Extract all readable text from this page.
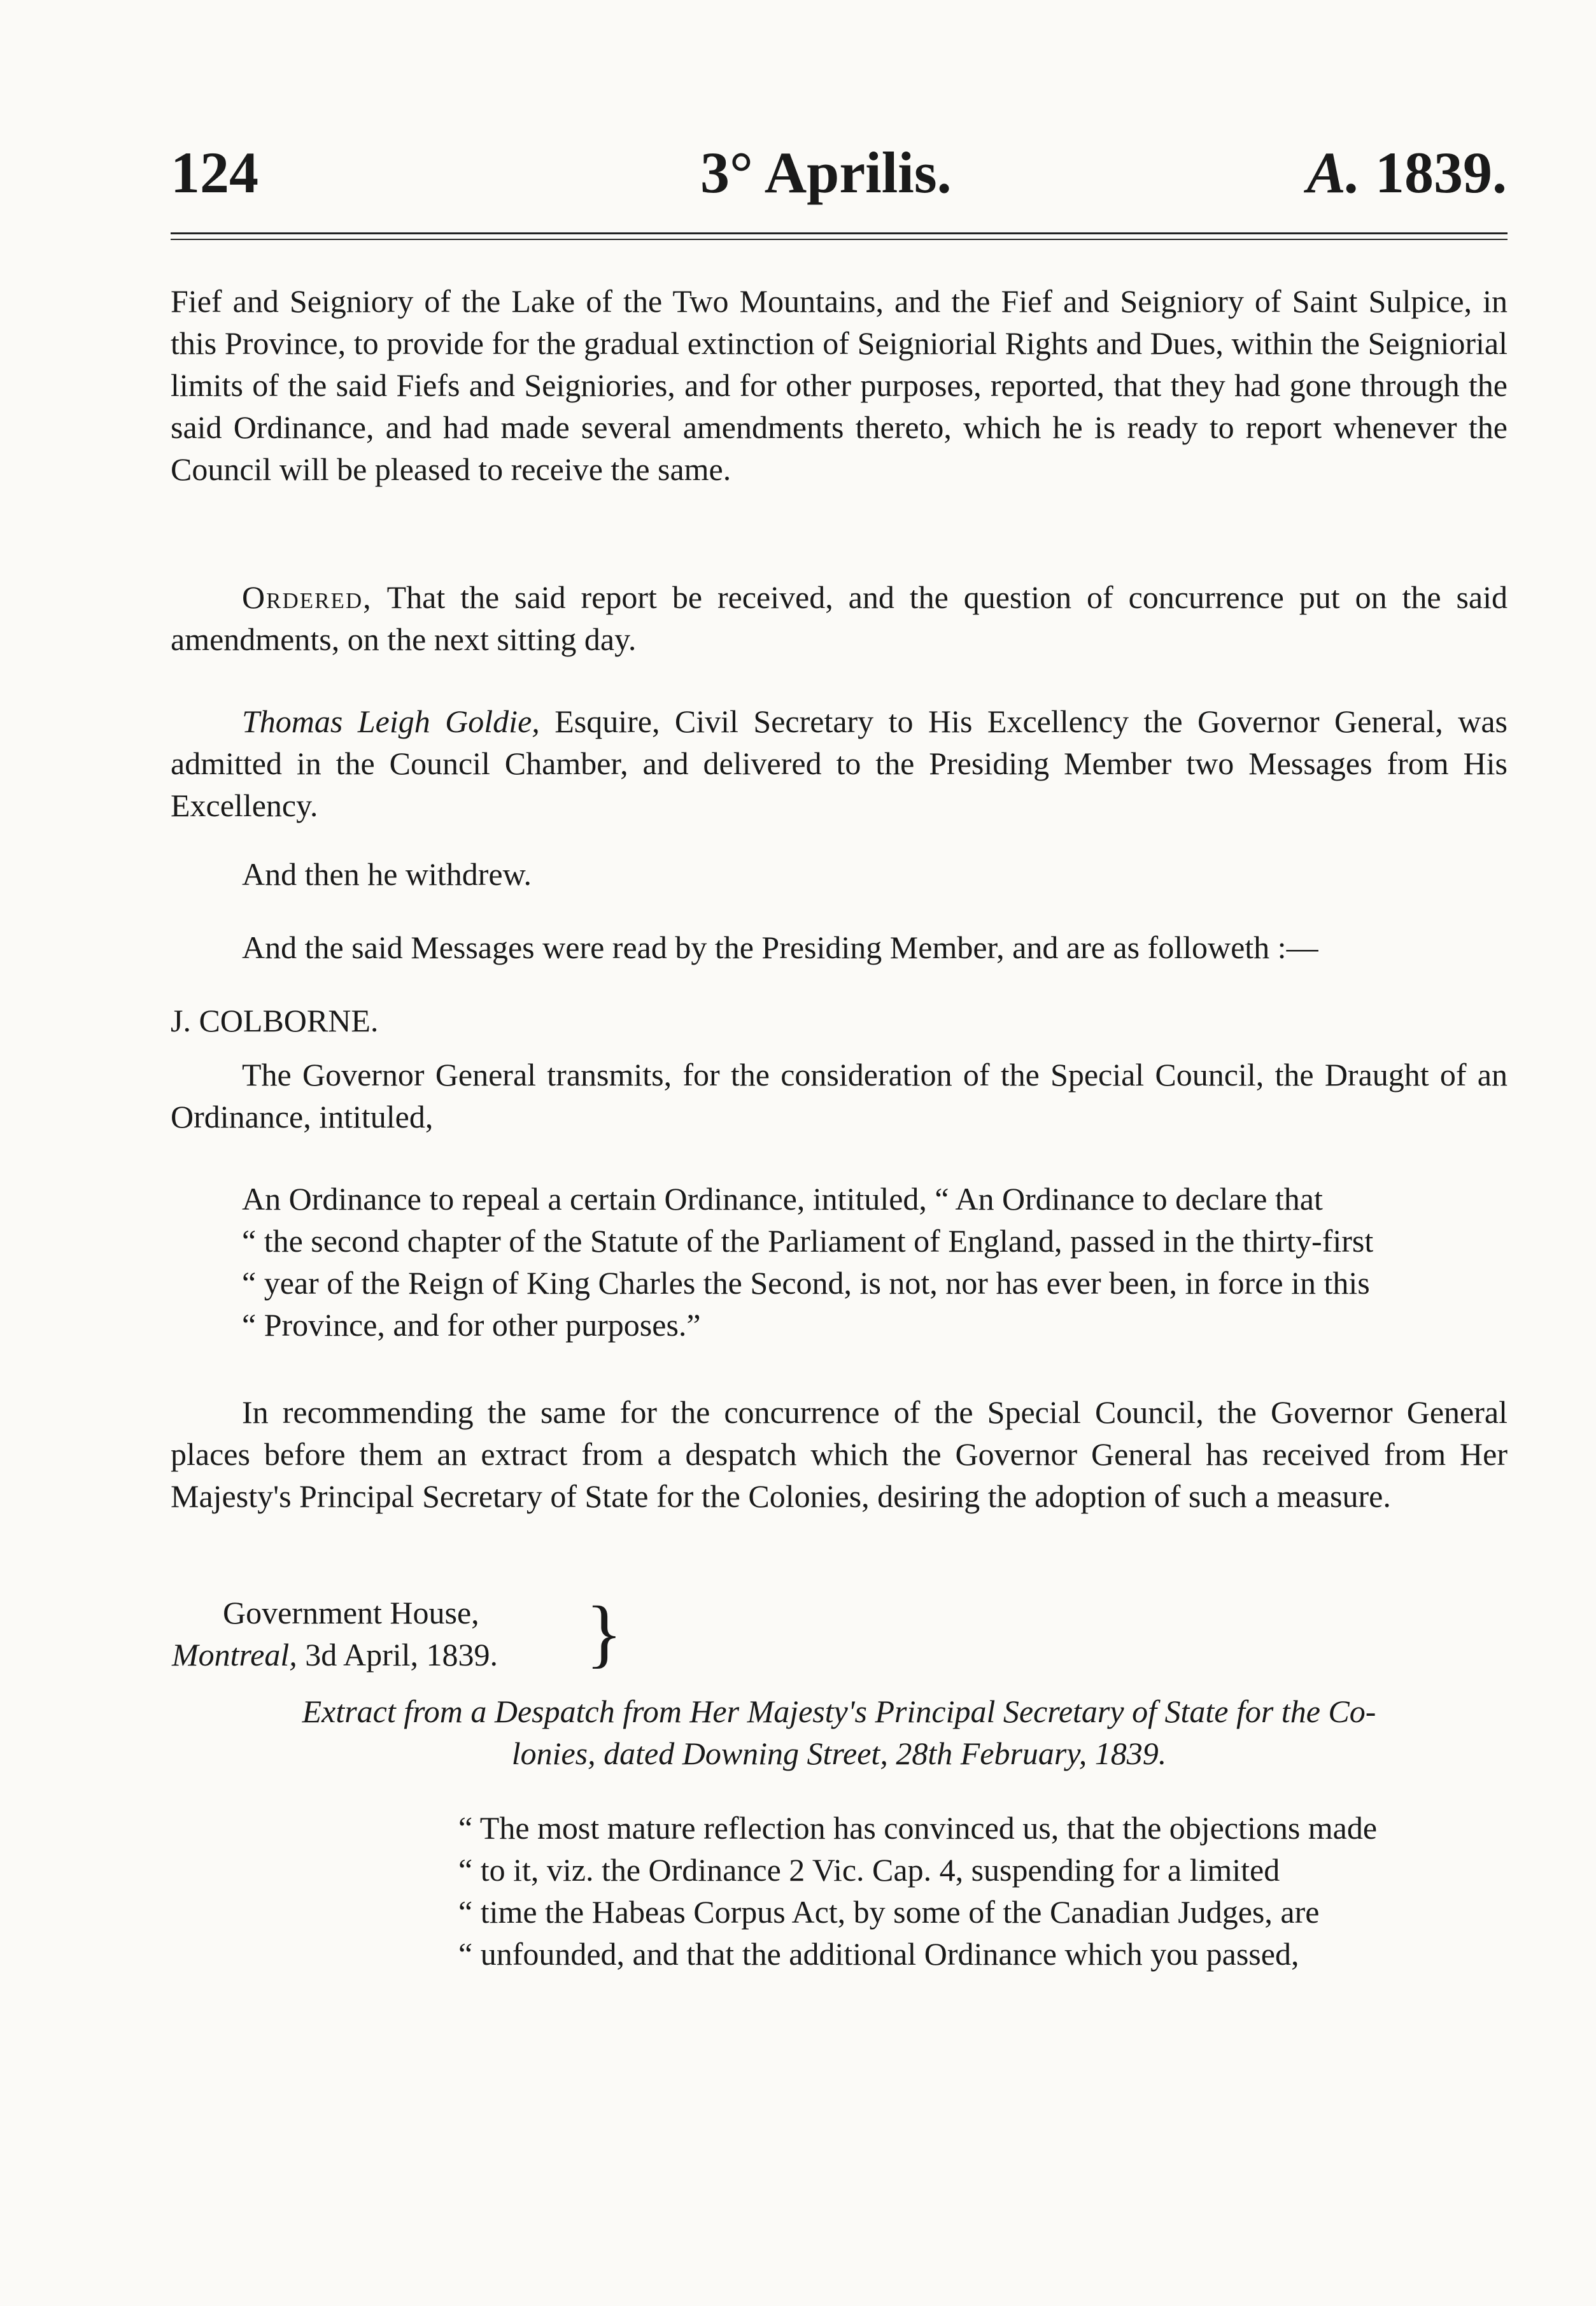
124	3° Aprilis.	A. 1839.

Fief and Seigniory of the Lake of the Two Mountains, and the Fief and Seigniory of Saint Sulpice, in this Province, to provide for the gradual extinction of Seigniorial Rights and Dues, within the Seigniorial limits of the said Fiefs and Seigniories, and for other purposes, reported, that they had gone through the said Ordinance, and had made several amendments thereto, which he is ready to report whenever the Council will be pleased to receive the same.

Ordered, That the said report be received, and the question of concurrence put on the said amendments, on the next sitting day.

Thomas Leigh Goldie, Esquire, Civil Secretary to His Excellency the Governor General, was admitted in the Council Chamber, and delivered to the Presiding Member two Messages from His Excellency.

And then he withdrew.

And the said Messages were read by the Presiding Member, and are as followeth :—

J. COLBORNE.

The Governor General transmits, for the consideration of the Special Council, the Draught of an Ordinance, intituled,

An Ordinance to repeal a certain Ordinance, intituled, “ An Ordinance to declare that
“ the second chapter of the Statute of the Parliament of England, passed in the thirty-first
“ year of the Reign of King Charles the Second, is not, nor has ever been, in force in this
“ Province, and for other purposes.”

In recommending the same for the concurrence of the Special Council, the Governor General places before them an extract from a despatch which the Governor General has received from Her Majesty's Principal Secretary of State for the Colonies, desiring the adoption of such a measure.

Government House,
Montreal, 3d April, 1839. }
Extract from a Despatch from Her Majesty's Principal Secretary of State for the Co-
lonies, dated Downing Street, 28th February, 1839.
“ The most mature reflection has convinced us, that the objections made
“ to it, viz. the Ordinance 2 Vic. Cap. 4, suspending for a limited
“ time the Habeas Corpus Act, by some of the Canadian Judges, are
“ unfounded, and that the additional Ordinance which you passed,
